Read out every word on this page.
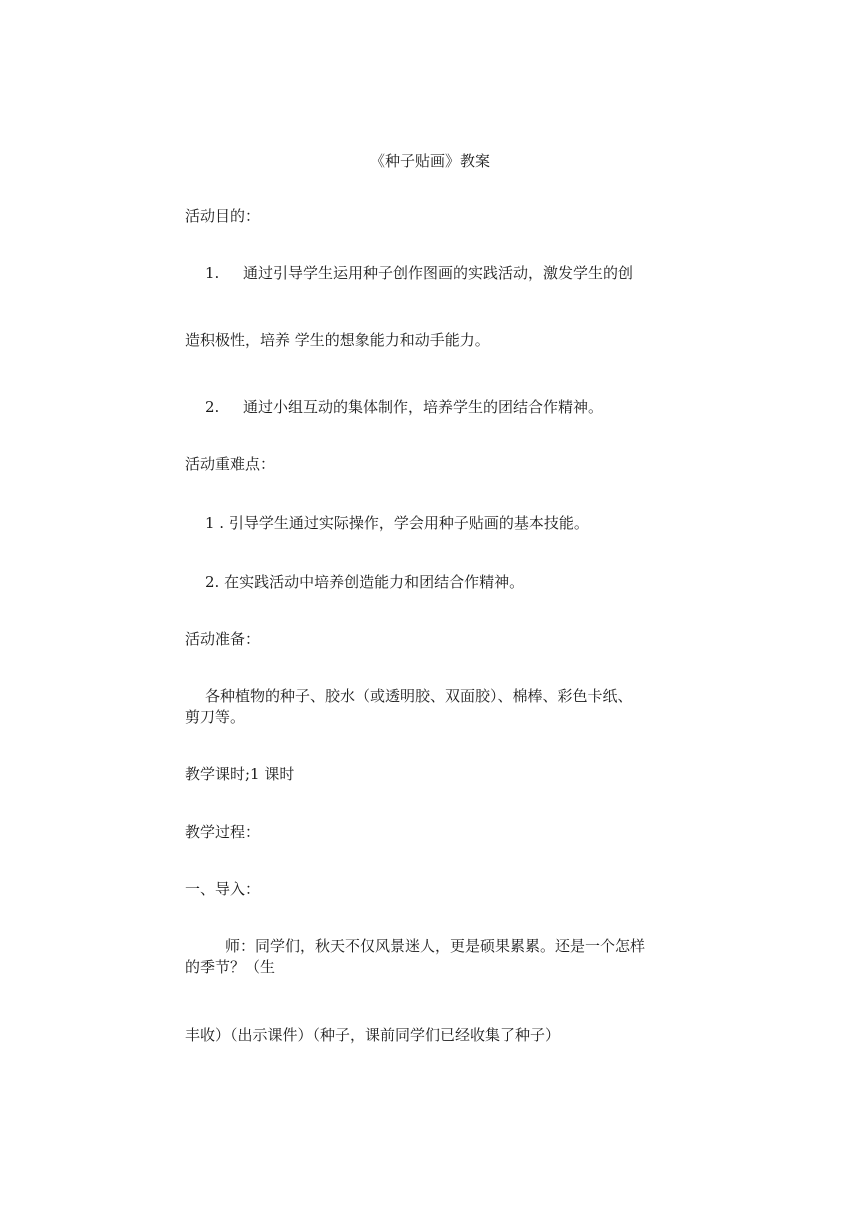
《种子贴画》教案

活动目的：

1. 通过引导学生运用种子创作图画的实践活动，激发学生的创

造积极性，培养 学生的想象能力和动手能力。

2. 通过小组互动的集体制作，培养学生的团结合作精神。

活动重难点：

1 . 引导学生通过实际操作，学会用种子贴画的基本技能。

2. 在实践活动中培养创造能力和团结合作精神。

活动准备：

各种植物的种子、胶水（或透明胶、双面胶）、棉棒、彩色卡纸、

剪刀等。

教学课时;1 课时

教学过程：

一、导入：

师：同学们，秋天不仅风景迷人，更是硕果累累。还是一个怎样

的季节？（生

丰收）（出示课件）（种子，课前同学们已经收集了种子）
